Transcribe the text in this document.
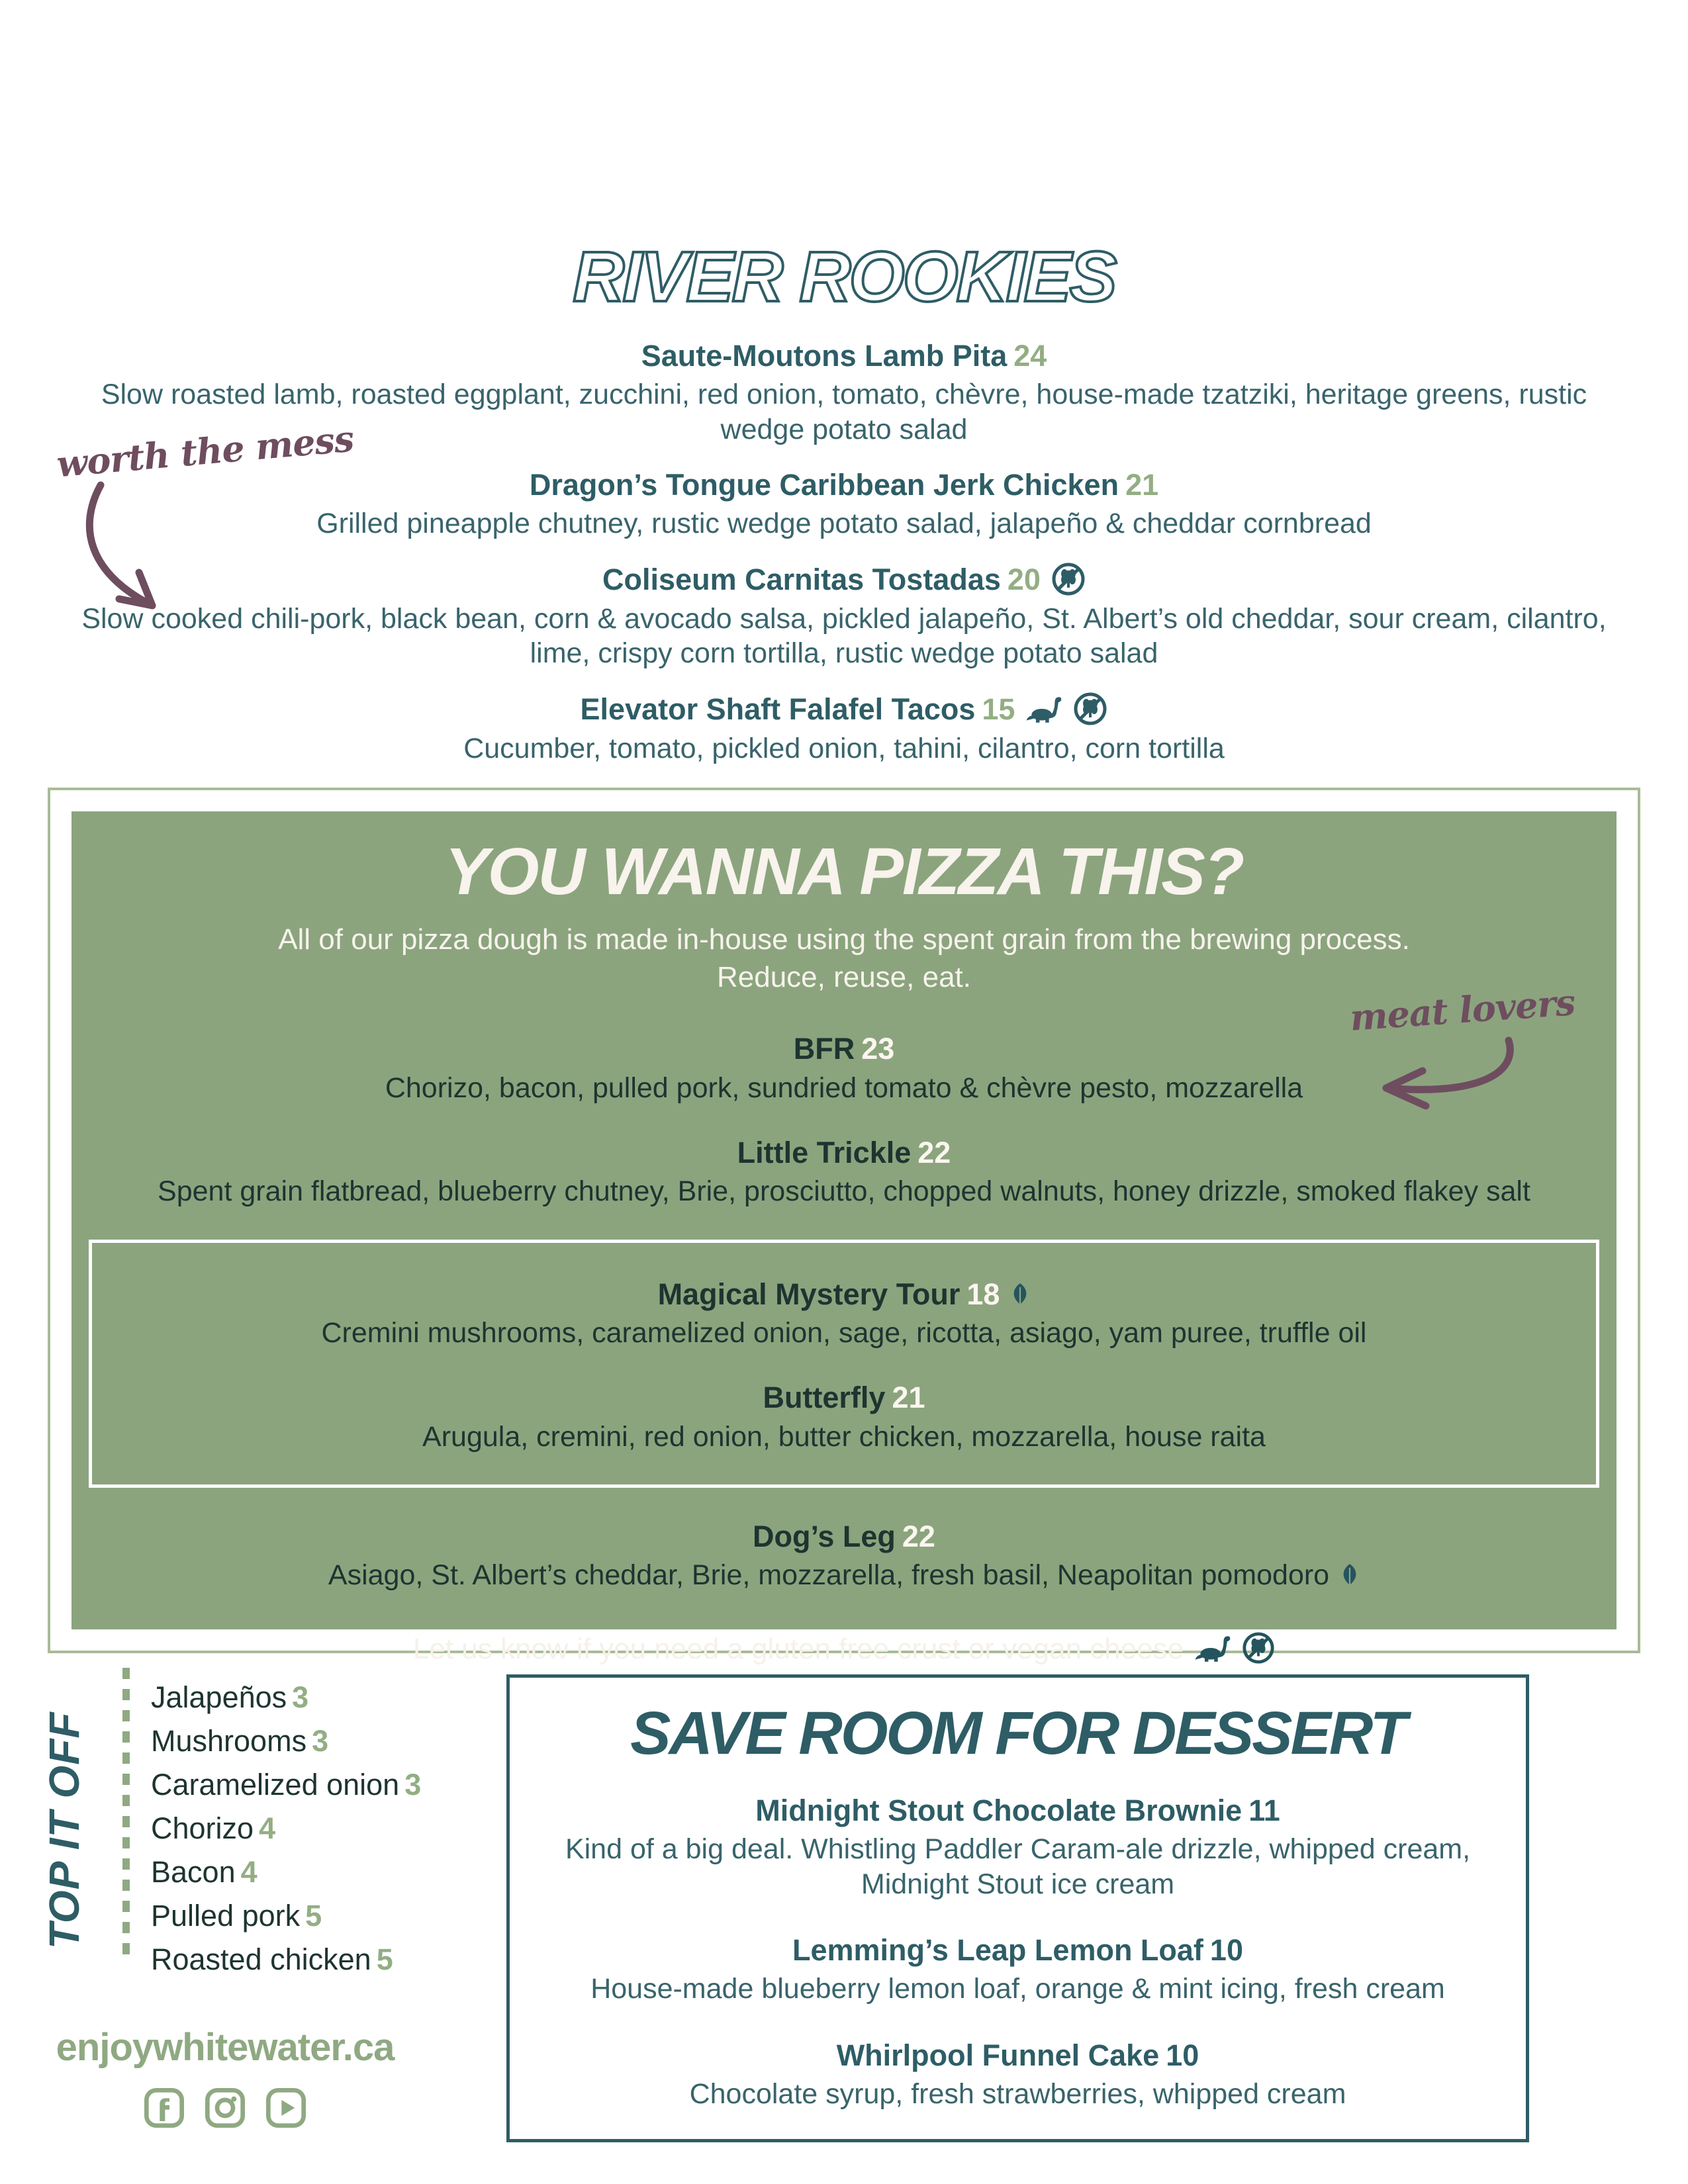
RIVER ROOKIES
Saute-Moutons Lamb Pita 24
Slow roasted lamb, roasted eggplant, zucchini, red onion, tomato, chèvre, house-made tzatziki, heritage greens, rustic wedge potato salad
Dragon’s Tongue Caribbean Jerk Chicken 21
Grilled pineapple chutney, rustic wedge potato salad, jalapeño & cheddar cornbread
Coliseum Carnitas Tostadas 20
Slow cooked chili-pork, black bean, corn & avocado salsa, pickled jalapeño, St. Albert’s old cheddar, sour cream, cilantro, lime, crispy corn tortilla, rustic wedge potato salad
Elevator Shaft Falafel Tacos 15
Cucumber, tomato, pickled onion, tahini, cilantro, corn tortilla
worth the mess
YOU WANNA PIZZA THIS?
All of our pizza dough is made in-house using the spent grain from the brewing process.
Reduce, reuse, eat.
BFR 23
Chorizo, bacon, pulled pork, sundried tomato & chèvre pesto, mozzarella
Little Trickle 22
Spent grain flatbread, blueberry chutney, Brie, prosciutto, chopped walnuts, honey drizzle, smoked flakey salt
Magical Mystery Tour 18
Cremini mushrooms, caramelized onion, sage, ricotta, asiago, yam puree, truffle oil
Butterfly 21
Arugula, cremini, red onion, butter chicken, mozzarella, house raita
Dog’s Leg 22
Asiago, St. Albert’s cheddar, Brie, mozzarella, fresh basil, Neapolitan pomodoro
Let us know if you need a gluten free crust or vegan cheese
meat lovers
TOP IT OFF
Jalapeños 3
Mushrooms 3
Caramelized onion 3
Chorizo 4
Bacon 4
Pulled pork 5
Roasted chicken 5
enjoywhitewater.ca
SAVE ROOM FOR DESSERT
Midnight Stout Chocolate Brownie 11
Kind of a big deal. Whistling Paddler Caram-ale drizzle, whipped cream, Midnight Stout ice cream
Lemming’s Leap Lemon Loaf 10
House-made blueberry lemon loaf, orange & mint icing, fresh cream
Whirlpool Funnel Cake 10
Chocolate syrup, fresh strawberries, whipped cream
